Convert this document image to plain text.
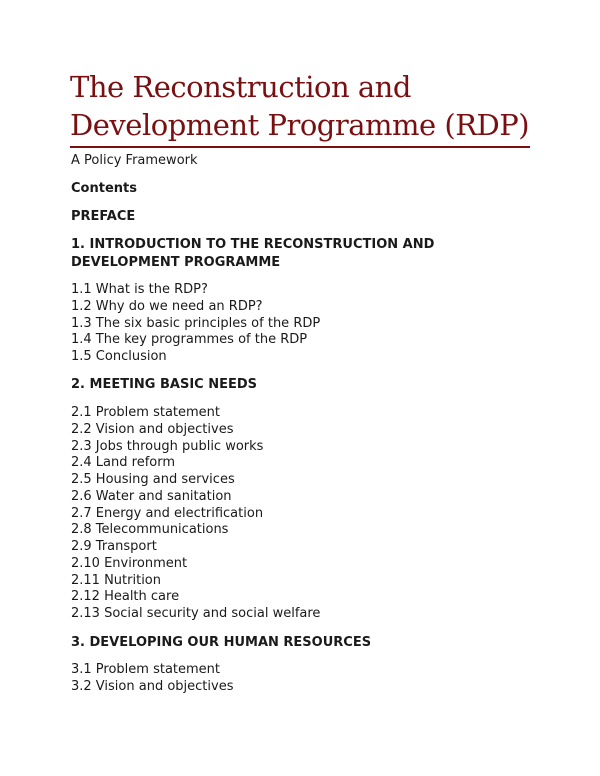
The Reconstruction and
Development Programme (RDP)

A Policy Framework

Contents

PREFACE

1. INTRODUCTION TO THE RECONSTRUCTION AND
DEVELOPMENT PROGRAMME

1.1 What is the RDP?
1.2 Why do we need an RDP?
1.3 The six basic principles of the RDP
1.4 The key programmes of the RDP
1.5 Conclusion

2. MEETING BASIC NEEDS

2.1 Problem statement
2.2 Vision and objectives
2.3 Jobs through public works
2.4 Land reform
2.5 Housing and services
2.6 Water and sanitation
2.7 Energy and electrification
2.8 Telecommunications
2.9 Transport
2.10 Environment
2.11 Nutrition
2.12 Health care
2.13 Social security and social welfare

3. DEVELOPING OUR HUMAN RESOURCES

3.1 Problem statement
3.2 Vision and objectives
